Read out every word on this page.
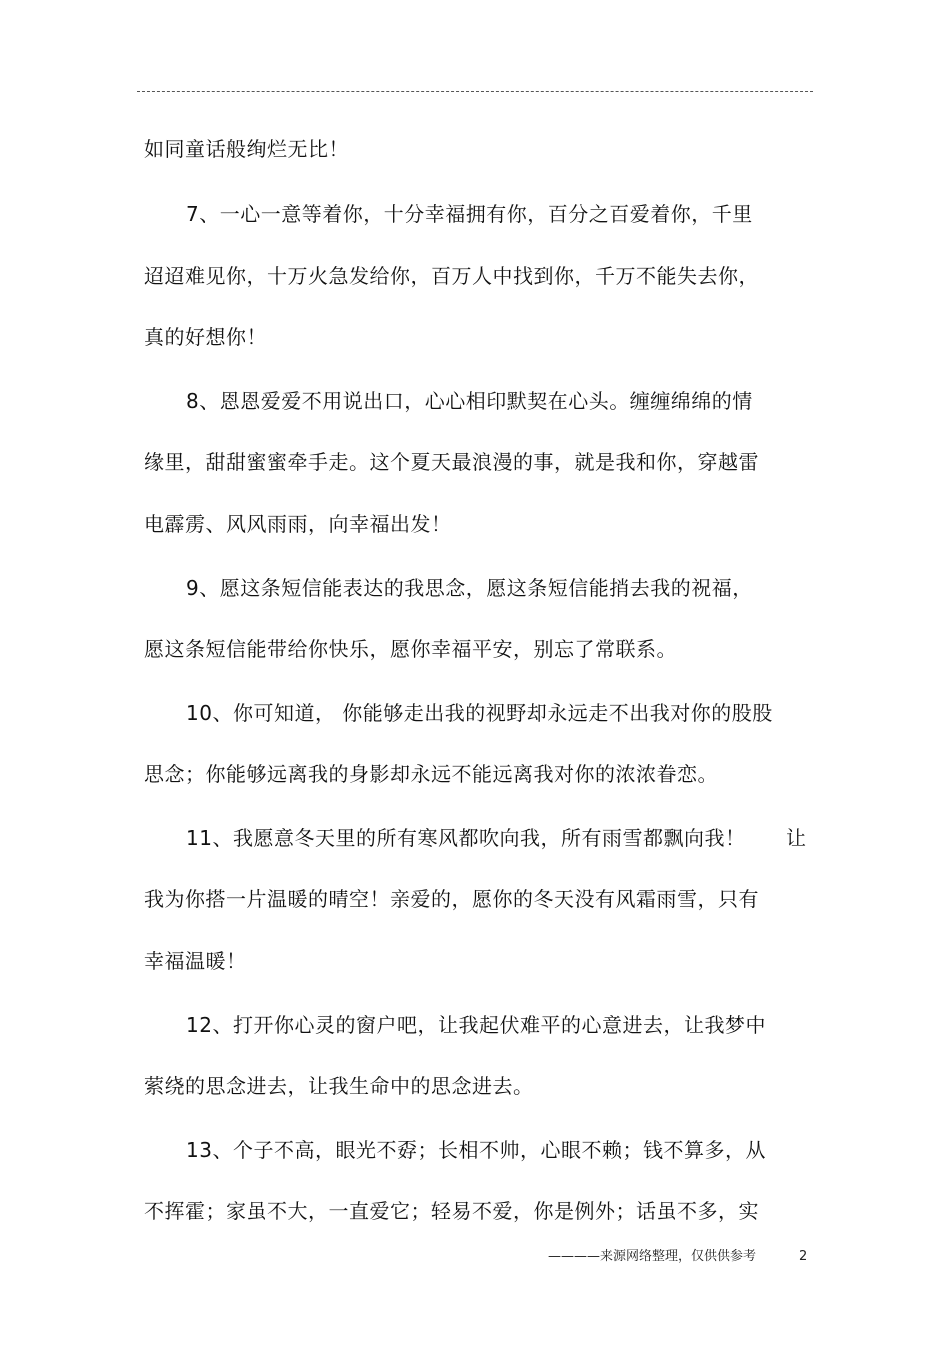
如同童话般绚烂无比！
7、一心一意等着你，十分幸福拥有你，百分之百爱着你，千里
迢迢难见你，十万火急发给你，百万人中找到你，千万不能失去你，
真的好想你！
8、恩恩爱爱不用说出口，心心相印默契在心头。缠缠绵绵的情
缘里，甜甜蜜蜜牵手走。这个夏天最浪漫的事，就是我和你，穿越雷
电霹雳、风风雨雨，向幸福出发！
9、愿这条短信能表达的我思念，愿这条短信能捎去我的祝福，
愿这条短信能带给你快乐，愿你幸福平安，别忘了常联系。
10、你可知道， 你能够走出我的视野却永远走不出我对你的股股
思念；你能够远离我的身影却永远不能远离我对你的浓浓眷恋。
11、我愿意冬天里的所有寒风都吹向我，所有雨雪都飘向我！ 让
我为你搭一片温暖的晴空！亲爱的，愿你的冬天没有风霜雨雪，只有
幸福温暖！
12、打开你心灵的窗户吧，让我起伏难平的心意进去，让我梦中
萦绕的思念进去，让我生命中的思念进去。
13、个子不高，眼光不孬；长相不帅，心眼不赖；钱不算多，从
不挥霍；家虽不大，一直爱它；轻易不爱，你是例外；话虽不多，实
————来源网络整理，仅供供参考	2
